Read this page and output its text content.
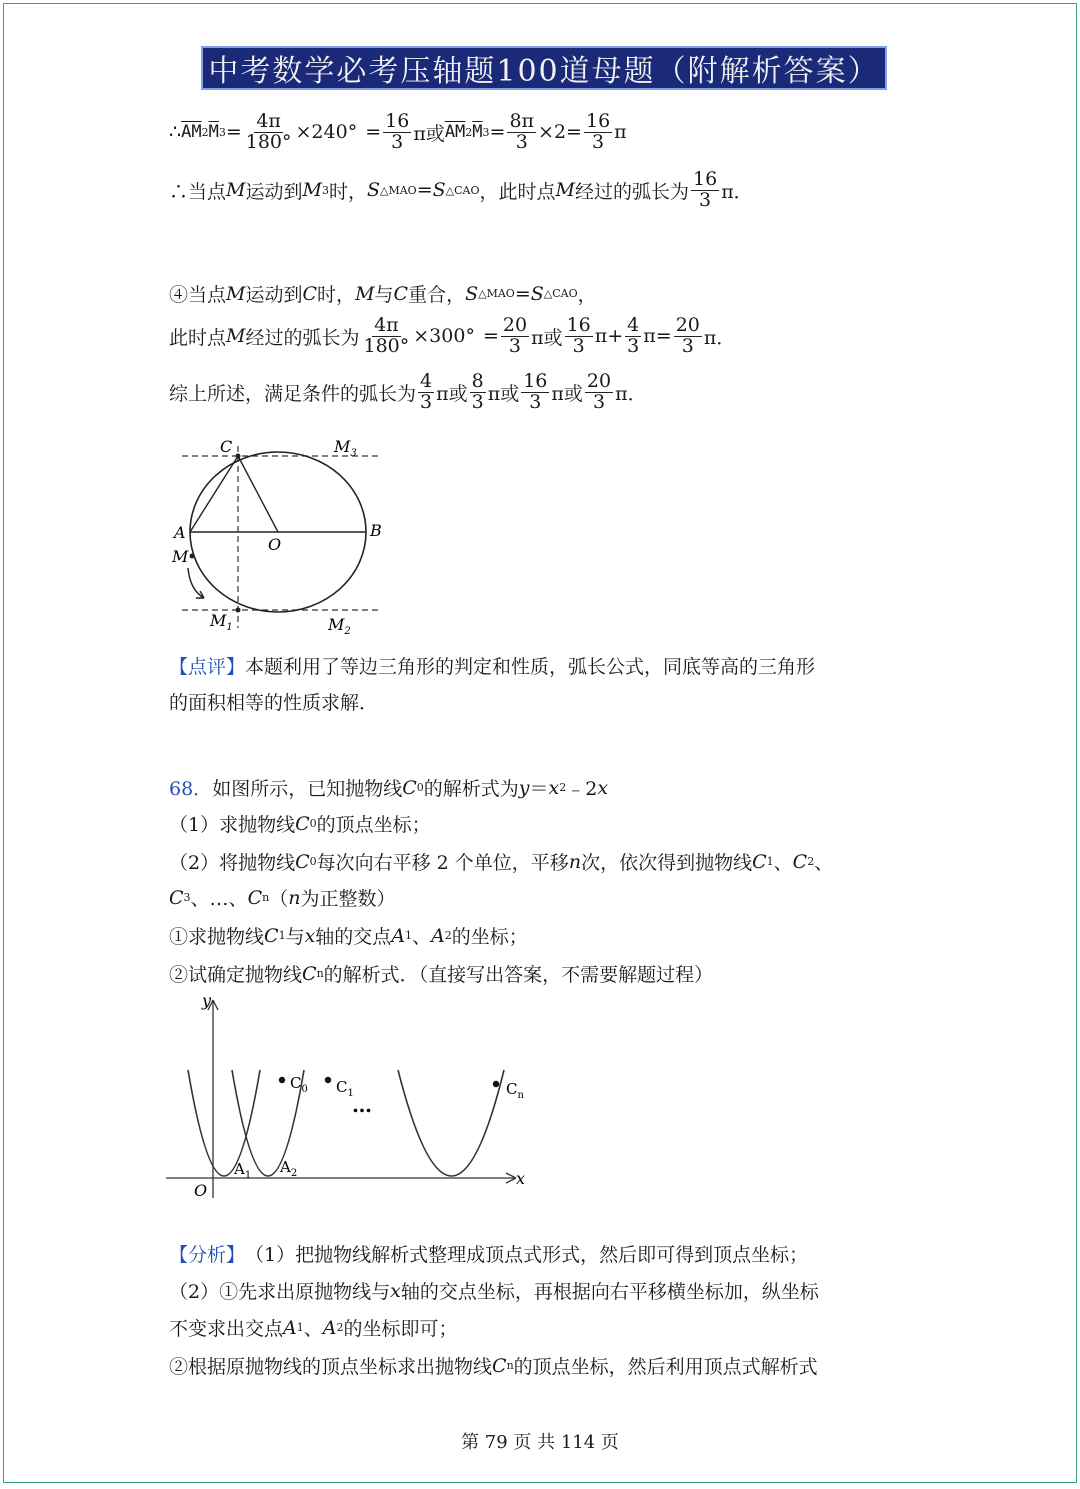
中考数学必考压轴题100道母题（附解析答案）
∴ $\overline{AM}$ 2 $\overline{M}$ $3 = \frac{4\pi}{180^\circ} \times 240^\circ = \frac{16}{3}$ π或 $\overline{AM}$ 2 $\overline{M}$ $3 = \frac{8\pi}{3} \times 2= \frac{16}{3}$ π
∴当点 M 运动到 M 3 时， S △MAO = S △CAO ，此时点 M 经过的弧长为 $\frac{16}{3}$ π．
④当点 M 运动到 C 时， M 与 C 重合， S △MAO = S △CAO ，
此时点 M 经过的弧长为 $\frac{4\pi}{180^\circ} \times 300^\circ = \frac{20}{3}$ π或 $\frac{16}{3} \pi+ \frac{4}{3} \pi= \frac{20}{3}$ π．
综上所述，满足条件的弧长为 $\frac{4}{3}$ π或 $\frac{8}{3}$ π或 $\frac{16}{3}$ π或 $\frac{20}{3}$ π．
C	$M_3$
A
O
B
M
$M_1$	$M_2$
【点评】 本题利用了等边三角形的判定和性质，弧长公式，同底等高的三角形
的面积相等的性质求解．
68． 如图所示，已知抛物线 C 0 的解析式为 y ＝ x 2 ﹣2 x
（1）求抛物线 C 0 的顶点坐标；
（2）将抛物线 C 0 每次向右平移 2 个单位，平移 n 次，依次得到抛物线 C 1 、 C 2 、
C 3 、…、 C n （ n 为正整数）
①求抛物线 C 1 与 x 轴的交点 A 1 、 A 2 的坐标；
②试确定抛物线 C n 的解析式．（直接写出答案，不需要解题过程）
y
x
O
$A_1$ $A_2$
$C_0$ $C_1$
…
$C_n$
【分析】 （1）把抛物线解析式整理成顶点式形式，然后即可得到顶点坐标；
（2）①先求出原抛物线与 x 轴的交点坐标，再根据向右平移横坐标加，纵坐标
不变求出交点 A 1 、 A 2 的坐标即可；
②根据原抛物线的顶点坐标求出抛物线 C n 的顶点坐标，然后利用顶点式解析式
第 79 页 共 114 页
